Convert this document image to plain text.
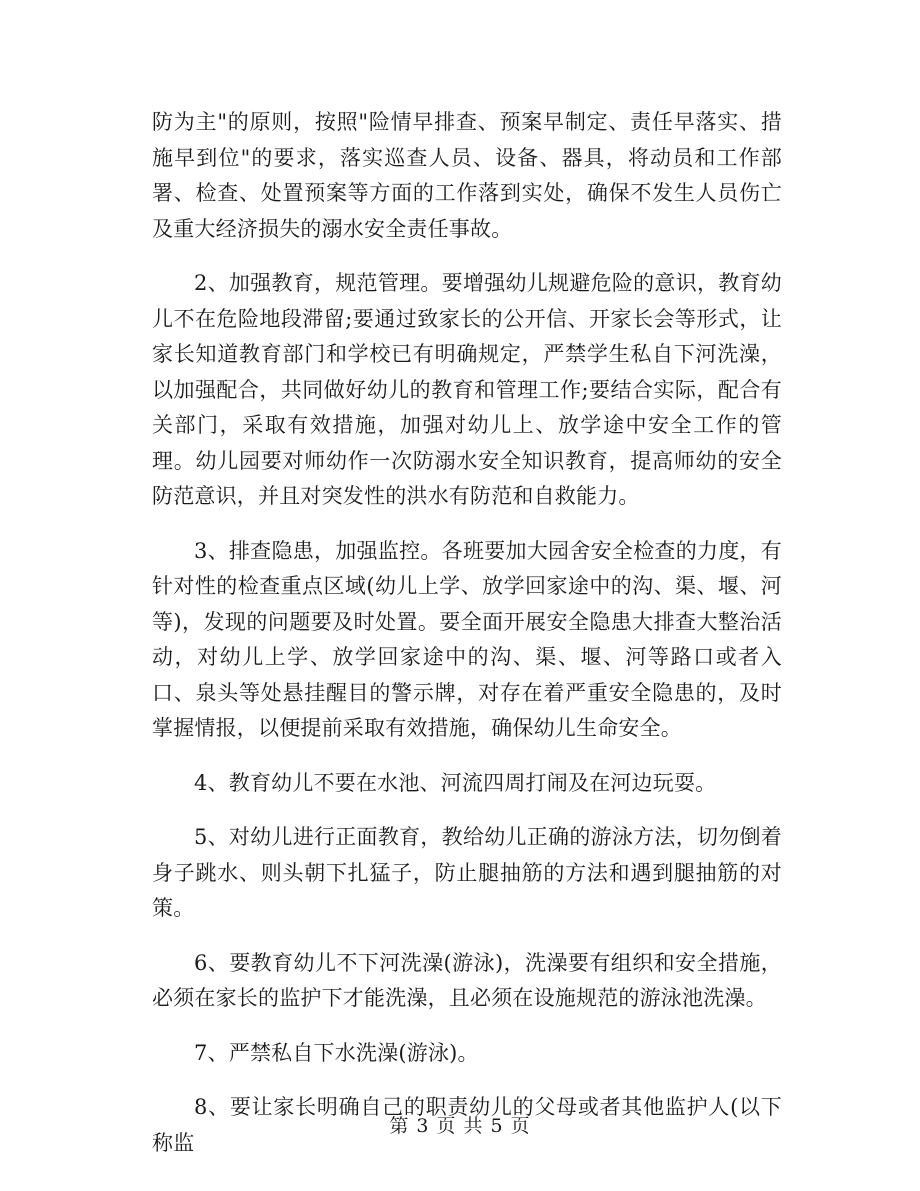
防为主"的原则，按照"险情早排查、预案早制定、责任早落实、措施早到位"的要求，落实巡查人员、设备、器具，将动员和工作部署、检查、处置预案等方面的工作落到实处，确保不发生人员伤亡及重大经济损失的溺水安全责任事故。

2、加强教育，规范管理。要增强幼儿规避危险的意识，教育幼儿不在危险地段滞留;要通过致家长的公开信、开家长会等形式，让家长知道教育部门和学校已有明确规定，严禁学生私自下河洗澡，以加强配合，共同做好幼儿的教育和管理工作;要结合实际，配合有关部门，采取有效措施，加强对幼儿上、放学途中安全工作的管理。幼儿园要对师幼作一次防溺水安全知识教育，提高师幼的安全防范意识，并且对突发性的洪水有防范和自救能力。

3、排查隐患，加强监控。各班要加大园舍安全检查的力度，有针对性的检查重点区域(幼儿上学、放学回家途中的沟、渠、堰、河等)，发现的问题要及时处置。要全面开展安全隐患大排查大整治活动，对幼儿上学、放学回家途中的沟、渠、堰、河等路口或者入口、泉头等处悬挂醒目的警示牌，对存在着严重安全隐患的，及时掌握情报，以便提前采取有效措施，确保幼儿生命安全。

4、教育幼儿不要在水池、河流四周打闹及在河边玩耍。

5、对幼儿进行正面教育，教给幼儿正确的游泳方法，切勿倒着身子跳水、则头朝下扎猛子，防止腿抽筋的方法和遇到腿抽筋的对策。

6、要教育幼儿不下河洗澡(游泳)，洗澡要有组织和安全措施，必须在家长的监护下才能洗澡，且必须在设施规范的游泳池洗澡。

7、严禁私自下水洗澡(游泳)。

8、要让家长明确自己的职责幼儿的父母或者其他监护人(以下称监

第 3 页 共 5 页
